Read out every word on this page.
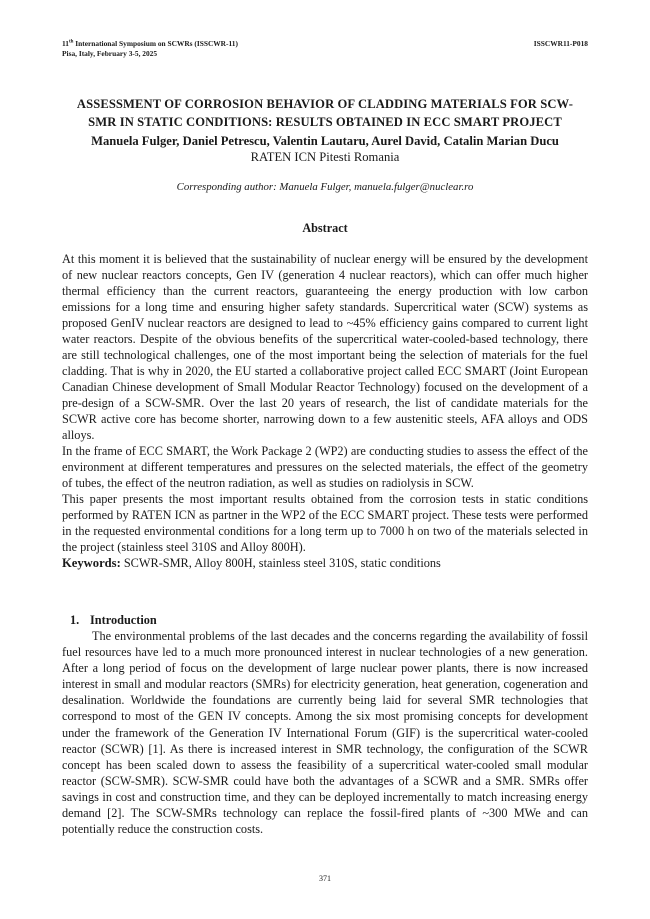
11th International Symposium on SCWRs (ISSCWR-11)
Pisa, Italy, February 3-5, 2025
ISSCWR11-P018
ASSESSMENT OF CORROSION BEHAVIOR OF CLADDING MATERIALS FOR SCW-
SMR IN STATIC CONDITIONS: RESULTS OBTAINED IN ECC SMART PROJECT
Manuela Fulger, Daniel Petrescu, Valentin Lautaru, Aurel David, Catalin Marian Ducu
RATEN ICN Pitesti Romania
Corresponding author: Manuela Fulger, manuela.fulger@nuclear.ro
Abstract

At this moment it is believed that the sustainability of nuclear energy will be ensured by the development of new nuclear reactors concepts, Gen IV (generation 4 nuclear reactors), which can offer much higher thermal efficiency than the current reactors, guaranteeing the energy production with low carbon emissions for a long time and ensuring higher safety standards. Supercritical water (SCW) systems as proposed GenIV nuclear reactors are designed to lead to ~45% efficiency gains compared to current light water reactors. Despite of the obvious benefits of the supercritical water-cooled-based technology, there are still technological challenges, one of the most important being the selection of materials for the fuel cladding. That is why in 2020, the EU started a collaborative project called ECC SMART (Joint European Canadian Chinese development of Small Modular Reactor Technology) focused on the development of a pre-design of a SCW-SMR. Over the last 20 years of research, the list of candidate materials for the SCWR active core has become shorter, narrowing down to a few austenitic steels, AFA alloys and ODS alloys.

In the frame of ECC SMART, the Work Package 2 (WP2) are conducting studies to assess the effect of the environment at different temperatures and pressures on the selected materials, the effect of the geometry of tubes, the effect of the neutron radiation, as well as studies on radiolysis in SCW.

This paper presents the most important results obtained from the corrosion tests in static conditions performed by RATEN ICN as partner in the WP2 of the ECC SMART project. These tests were performed in the requested environmental conditions for a long term up to 7000 h on two of the materials selected in the project (stainless steel 310S and Alloy 800H).

Keywords: SCWR-SMR, Alloy 800H, stainless steel 310S, static conditions
1. Introduction

The environmental problems of the last decades and the concerns regarding the availability of fossil fuel resources have led to a much more pronounced interest in nuclear technologies of a new generation. After a long period of focus on the development of large nuclear power plants, there is now increased interest in small and modular reactors (SMRs) for electricity generation, heat generation, cogeneration and desalination. Worldwide the foundations are currently being laid for several SMR technologies that correspond to most of the GEN IV concepts. Among the six most promising concepts for development under the framework of the Generation IV International Forum (GIF) is the supercritical water-cooled reactor (SCWR) [1]. As there is increased interest in SMR technology, the configuration of the SCWR concept has been scaled down to assess the feasibility of a supercritical water-cooled small modular reactor (SCW-SMR). SCW-SMR could have both the advantages of a SCWR and a SMR. SMRs offer savings in cost and construction time, and they can be deployed incrementally to match increasing energy demand [2]. The SCW-SMRs technology can replace the fossil-fired plants of ~300 MWe and can potentially reduce the construction costs.

371
